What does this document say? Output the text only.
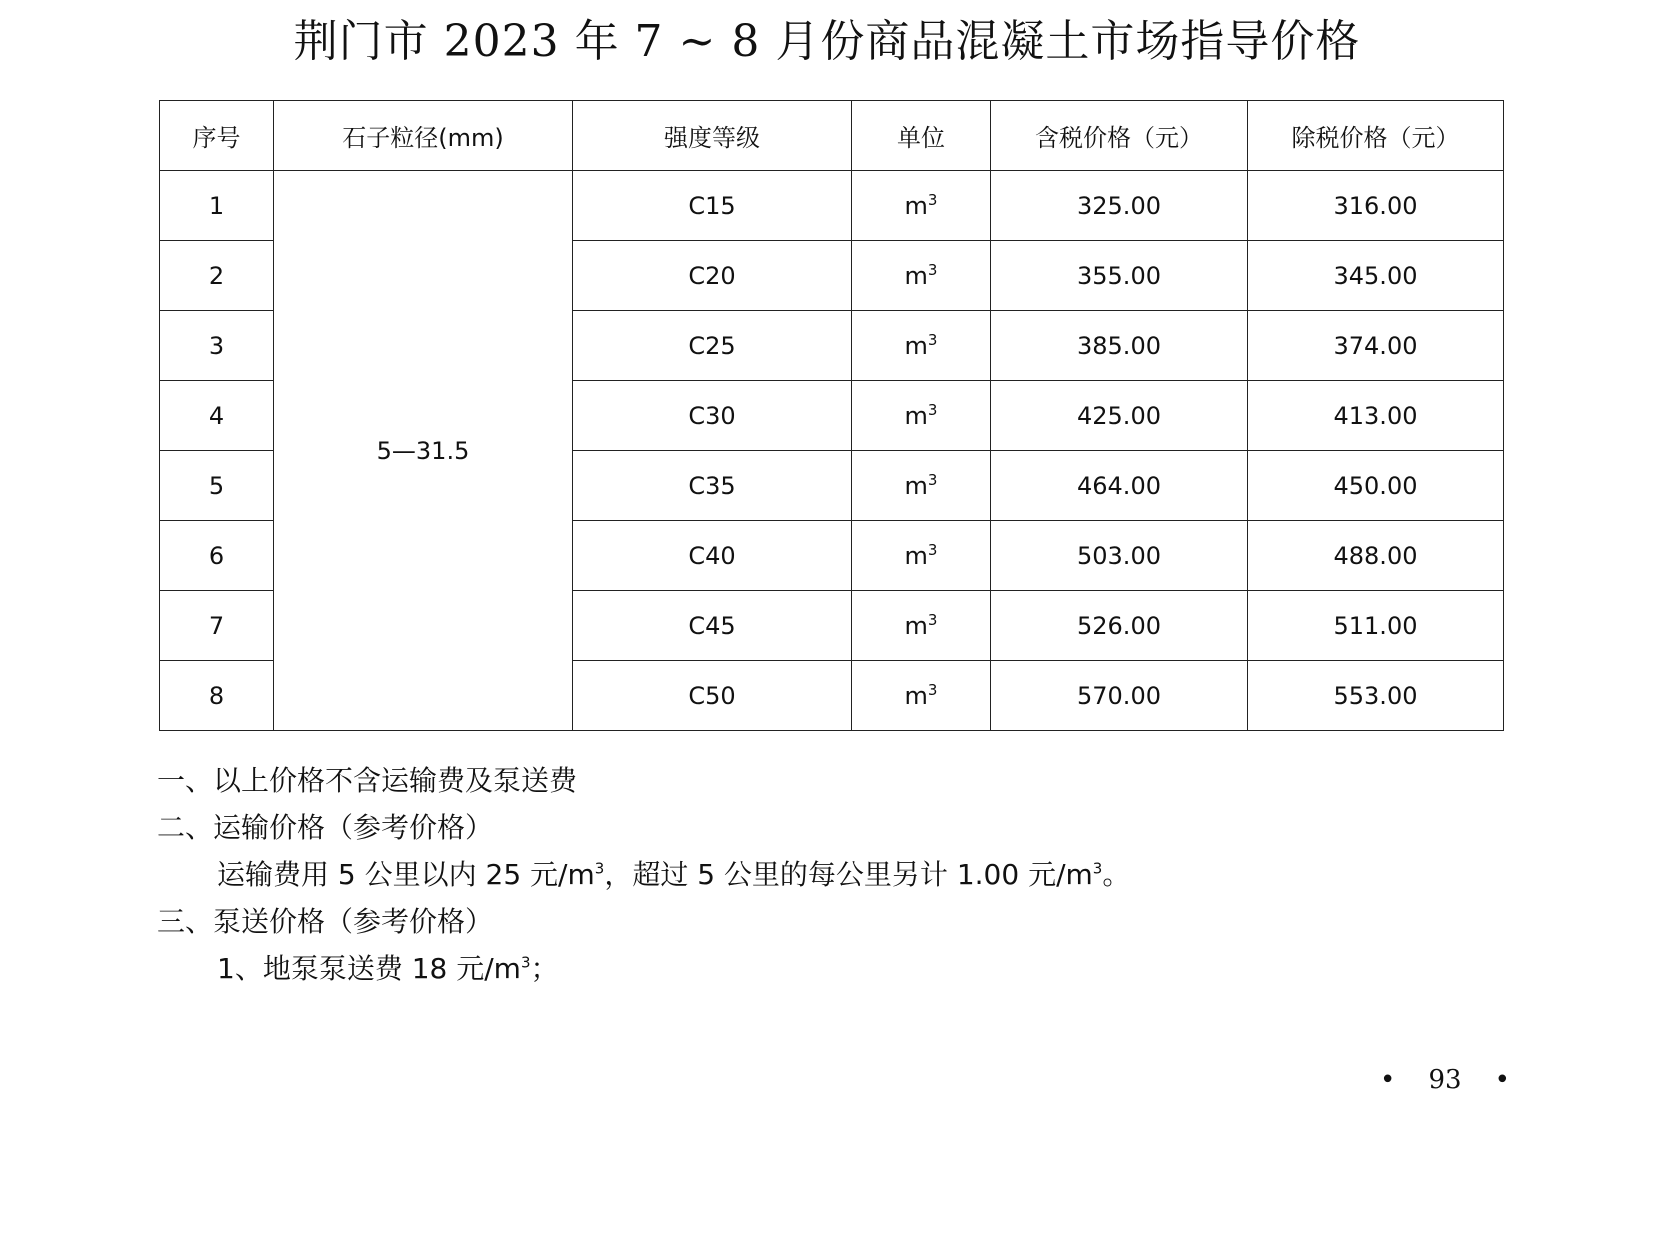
荆门市 2023 年 7 ~ 8 月份商品混凝土市场指导价格
序号	石子粒径(mm)	强度等级	单位	含税价格（元）	除税价格（元）
1	5—31.5	C15	$m^3$	325.00	316.00
2		C20	$m^3$	355.00	345.00
3		C25	$m^3$	385.00	374.00
4		C30	$m^3$	425.00	413.00
5		C35	$m^3$	464.00	450.00
6		C40	$m^3$	503.00	488.00
7		C45	$m^3$	526.00	511.00
8		C50	$m^3$	570.00	553.00
一、以上价格不含运输费及泵送费
二、运输价格（参考价格）
运输费用 5 公里以内 25 元$/m^3$，超过 5 公里的每公里另计 1.00 元$/m^3$。
三、泵送价格（参考价格）
1、地泵泵送费 18 元$/m^3$；
• 93 •
